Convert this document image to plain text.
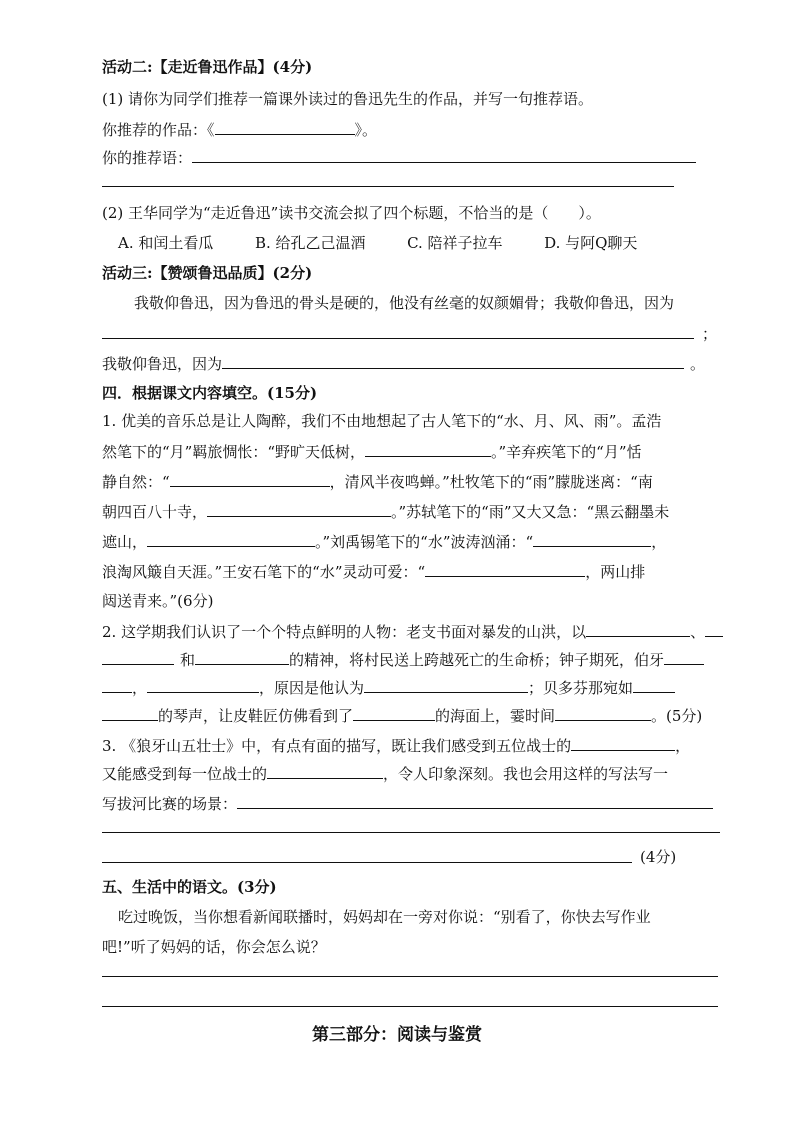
活动二:【走近鲁迅作品】(4分)
(1) 请你为同学们推荐一篇课外读过的鲁迅先生的作品，并写一句推荐语。
你推荐的作品：《	》。
你的推荐语：
(2) 王华同学为“走近鲁迅”读书交流会拟了四个标题，不恰当的是（　　）。
A. 和闰土看瓜	B. 给孔乙己温酒	C. 陪祥子拉车	D. 与阿Q聊天
活动三:【赞颂鲁迅品质】(2分)
我敬仰鲁迅，因为鲁迅的骨头是硬的，他没有丝毫的奴颜媚骨；我敬仰鲁迅，因为
；
我敬仰鲁迅，因为	。
四．根据课文内容填空。(15分)
1. 优美的音乐总是让人陶醉，我们不由地想起了古人笔下的“水、月、风、雨”。孟浩
然笔下的“月”羁旅惆怅：“野旷天低树，	。”辛弃疾笔下的“月”恬
静自然：“	，清风半夜鸣蝉。”杜牧笔下的“雨”朦胧迷离：“南
朝四百八十寺，	。”苏轼笔下的“雨”又大又急：“黑云翻墨未
遮山，	。”刘禹锡笔下的“水”波涛汹涌：“	，
浪淘风簸自天涯。”王安石笔下的“水”灵动可爱：“	，两山排
闼送青来。”(6分)
2. 这学期我们认识了一个个特点鲜明的人物：老支书面对暴发的山洪，以	、
和	的精神，将村民送上跨越死亡的生命桥；钟子期死，伯牙
，	，原因是他认为	；贝多芬那宛如
的琴声，让皮鞋匠仿佛看到了	的海面上，霎时间	。(5分)
3. 《狼牙山五壮士》中，有点有面的描写，既让我们感受到五位战士的	，
又能感受到每一位战士的	，令人印象深刻。我也会用这样的写法写一
写拔河比赛的场景：
(4分)
五、生活中的语文。(3分)
吃过晚饭，当你想看新闻联播时，妈妈却在一旁对你说：“别看了，你快去写作业
吧!”听了妈妈的话，你会怎么说？
第三部分：阅读与鉴赏
